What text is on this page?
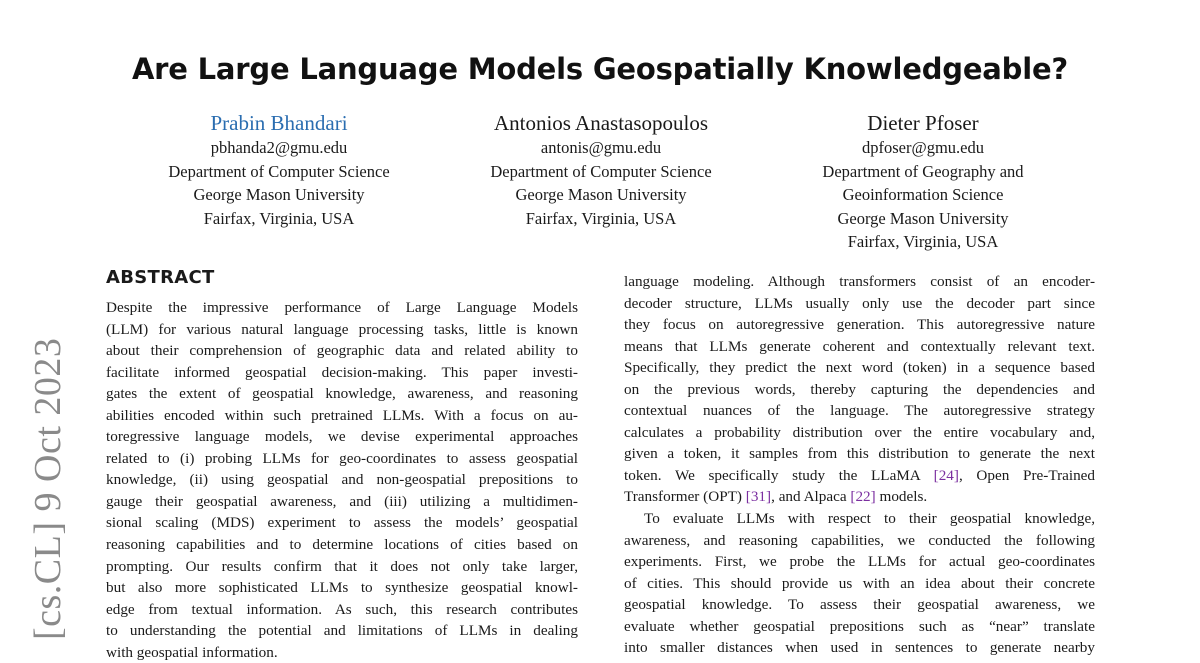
[cs.CL] 9 Oct 2023
Are Large Language Models Geospatially Knowledgeable?
Prabin Bhandari
pbhanda2@gmu.edu
Department of Computer Science
George Mason University
Fairfax, Virginia, USA
Antonios Anastasopoulos
antonis@gmu.edu
Department of Computer Science
George Mason University
Fairfax, Virginia, USA
Dieter Pfoser
dpfoser@gmu.edu
Department of Geography and
Geoinformation Science
George Mason University
Fairfax, Virginia, USA
ABSTRACT
Despite the impressive performance of Large Language Models
(LLM) for various natural language processing tasks, little is known
about their comprehension of geographic data and related ability to
facilitate informed geospatial decision-making. This paper investi-
gates the extent of geospatial knowledge, awareness, and reasoning
abilities encoded within such pretrained LLMs. With a focus on au-
toregressive language models, we devise experimental approaches
related to (i) probing LLMs for geo-coordinates to assess geospatial
knowledge, (ii) using geospatial and non-geospatial prepositions to
gauge their geospatial awareness, and (iii) utilizing a multidimen-
sional scaling (MDS) experiment to assess the models’ geospatial
reasoning capabilities and to determine locations of cities based on
prompting. Our results confirm that it does not only take larger,
but also more sophisticated LLMs to synthesize geospatial knowl-
edge from textual information. As such, this research contributes
to understanding the potential and limitations of LLMs in dealing
with geospatial information.
language modeling. Although transformers consist of an encoder-
decoder structure, LLMs usually only use the decoder part since
they focus on autoregressive generation. This autoregressive nature
means that LLMs generate coherent and contextually relevant text.
Specifically, they predict the next word (token) in a sequence based
on the previous words, thereby capturing the dependencies and
contextual nuances of the language. The autoregressive strategy
calculates a probability distribution over the entire vocabulary and,
given a token, it samples from this distribution to generate the next
token. We specifically study the LLaMA [24], Open Pre-Trained
Transformer (OPT) [31], and Alpaca [22] models.
To evaluate LLMs with respect to their geospatial knowledge,
awareness, and reasoning capabilities, we conducted the following
experiments. First, we probe the LLMs for actual geo-coordinates
of cities. This should provide us with an idea about their concrete
geospatial knowledge. To assess their geospatial awareness, we
evaluate whether geospatial prepositions such as “near” translate
into smaller distances when used in sentences to generate nearby
